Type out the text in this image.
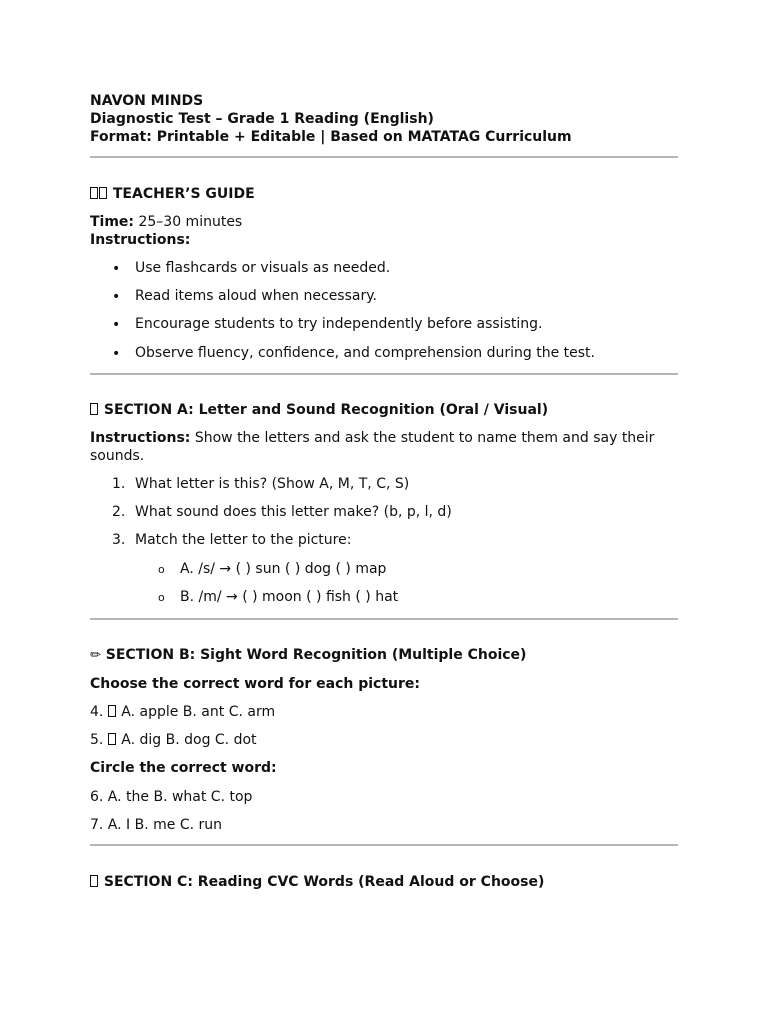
NAVON MINDS
Diagnostic Test – Grade 1 Reading (English)
Format: Printable + Editable | Based on MATATAG Curriculum
TEACHER’S GUIDE
Time: 25–30 minutes
Instructions:
• Use flashcards or visuals as needed.
• Read items aloud when necessary.
• Encourage students to try independently before assisting.
• Observe fluency, confidence, and comprehension during the test.
SECTION A: Letter and Sound Recognition (Oral / Visual)
Instructions: Show the letters and ask the student to name them and say their
sounds.
1. What letter is this? (Show A, M, T, C, S)
2. What sound does this letter make? (b, p, l, d)
3. Match the letter to the picture:
o A. /s/ → ( ) sun ( ) dog ( ) map
o B. /m/ → ( ) moon ( ) fish ( ) hat
✏ SECTION B: Sight Word Recognition (Multiple Choice)
Choose the correct word for each picture:
4. A. apple B. ant C. arm
5. A. dig B. dog C. dot
Circle the correct word:
6. A. the B. what C. top
7. A. I B. me C. run
SECTION C: Reading CVC Words (Read Aloud or Choose)
